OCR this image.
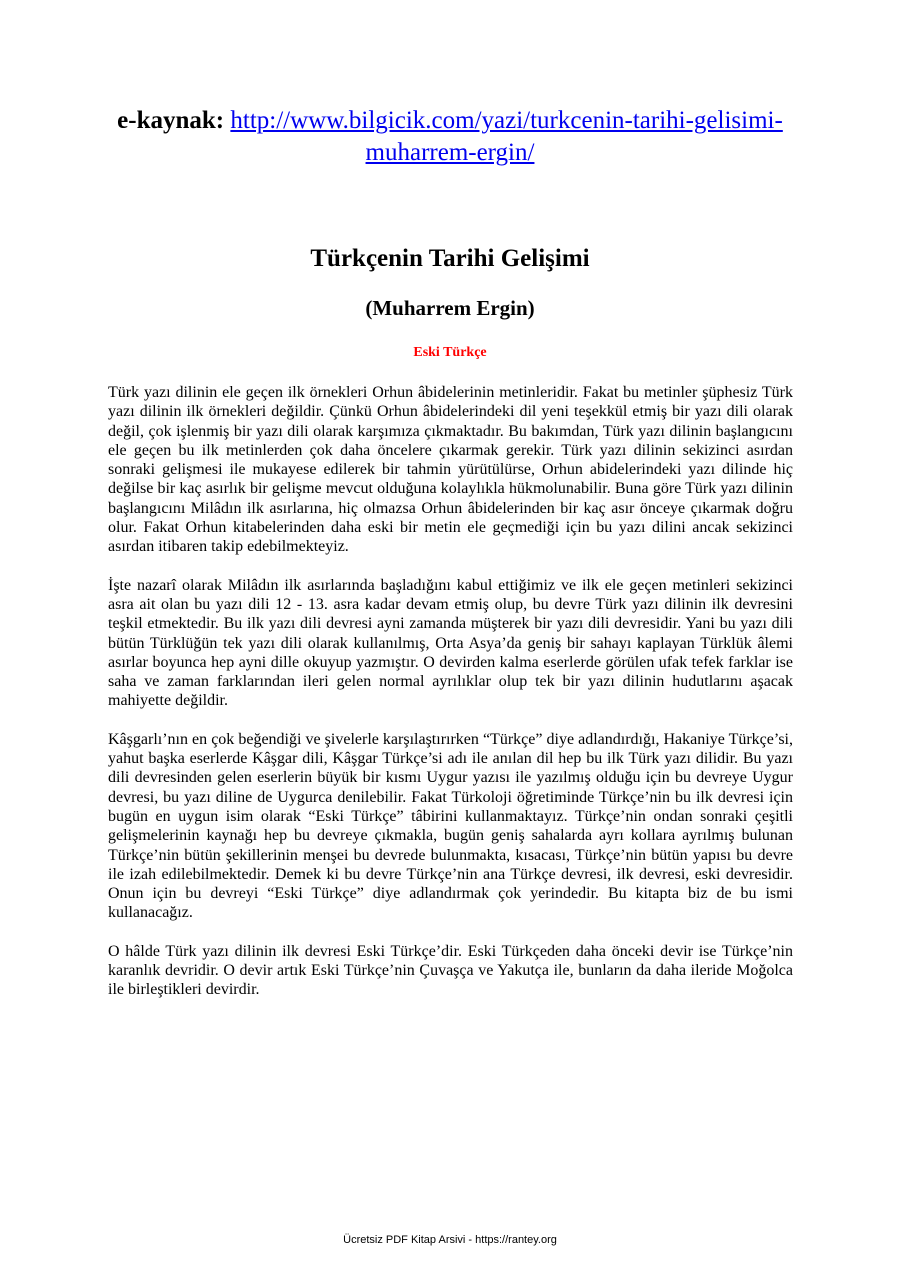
e-kaynak: http://www.bilgicik.com/yazi/turkcenin-tarihi-gelisimi-muharrem-ergin/
Türkçenin Tarihi Gelişimi
(Muharrem Ergin)
Eski Türkçe

Türk yazı dilinin ele geçen ilk örnekleri Orhun âbidelerinin metinleridir. Fakat bu metinler şüphesiz Türk yazı dilinin ilk örnekleri değildir. Çünkü Orhun âbidelerindeki dil yeni teşekkül etmiş bir yazı dili olarak değil, çok işlenmiş bir yazı dili olarak karşımıza çıkmaktadır. Bu bakımdan, Türk yazı dilinin başlangıcını ele geçen bu ilk metinlerden çok daha öncelere çıkarmak gerekir. Türk yazı dilinin sekizinci asırdan sonraki gelişmesi ile mukayese edilerek bir tahmin yürütülürse, Orhun abidelerindeki yazı dilinde hiç değilse bir kaç asırlık bir gelişme mevcut olduğuna kolaylıkla hükmolunabilir. Buna göre Türk yazı dilinin başlangıcını Milâdın ilk asırlarına, hiç olmazsa Orhun âbidelerinden bir kaç asır önceye çıkarmak doğru olur. Fakat Orhun kitabelerinden daha eski bir metin ele geçmediği için bu yazı dilini ancak sekizinci asırdan itibaren takip edebilmekteyiz.

İşte nazarî olarak Milâdın ilk asırlarında başladığını kabul ettiğimiz ve ilk ele geçen metinleri sekizinci asra ait olan bu yazı dili 12 - 13. asra kadar devam etmiş olup, bu devre Türk yazı dilinin ilk devresini teşkil etmektedir. Bu ilk yazı dili devresi ayni zamanda müşterek bir yazı dili devresidir. Yani bu yazı dili bütün Türklüğün tek yazı dili olarak kullanılmış, Orta Asya’da geniş bir sahayı kaplayan Türklük âlemi asırlar boyunca hep ayni dille okuyup yazmıştır. O devirden kalma eserlerde görülen ufak tefek farklar ise saha ve zaman farklarından ileri gelen normal ayrılıklar olup tek bir yazı dilinin hudutlarını aşacak mahiyette değildir.

Kâşgarlı’nın en çok beğendiği ve şivelerle karşılaştırırken “Türkçe” diye adlandırdığı, Hakaniye Türkçe’si, yahut başka eserlerde Kâşgar dili, Kâşgar Türkçe’si adı ile anılan dil hep bu ilk Türk yazı dilidir. Bu yazı dili devresinden gelen eserlerin büyük bir kısmı Uygur yazısı ile yazılmış olduğu için bu devreye Uygur devresi, bu yazı diline de Uygurca denilebilir. Fakat Türkoloji öğretiminde Türkçe’nin bu ilk devresi için bugün en uygun isim olarak “Eski Türkçe” tâbirini kullanmaktayız. Türkçe’nin ondan sonraki çeşitli gelişmelerinin kaynağı hep bu devreye çıkmakla, bugün geniş sahalarda ayrı kollara ayrılmış bulunan Türkçe’nin bütün şekillerinin menşei bu devrede bulunmakta, kısacası, Türkçe’nin bütün yapısı bu devre ile izah edilebilmektedir. Demek ki bu devre Türkçe’nin ana Türkçe devresi, ilk devresi, eski devresidir. Onun için bu devreyi “Eski Türkçe” diye adlandırmak çok yerindedir. Bu kitapta biz de bu ismi kullanacağız.

O hâlde Türk yazı dilinin ilk devresi Eski Türkçe’dir. Eski Türkçeden daha önceki devir ise Türkçe’nin karanlık devridir. O devir artık Eski Türkçe’nin Çuvaşça ve Yakutça ile, bunların da daha ileride Moğolca ile birleştikleri devirdir.

Ücretsiz PDF Kitap Arsivi - https://rantey.org
